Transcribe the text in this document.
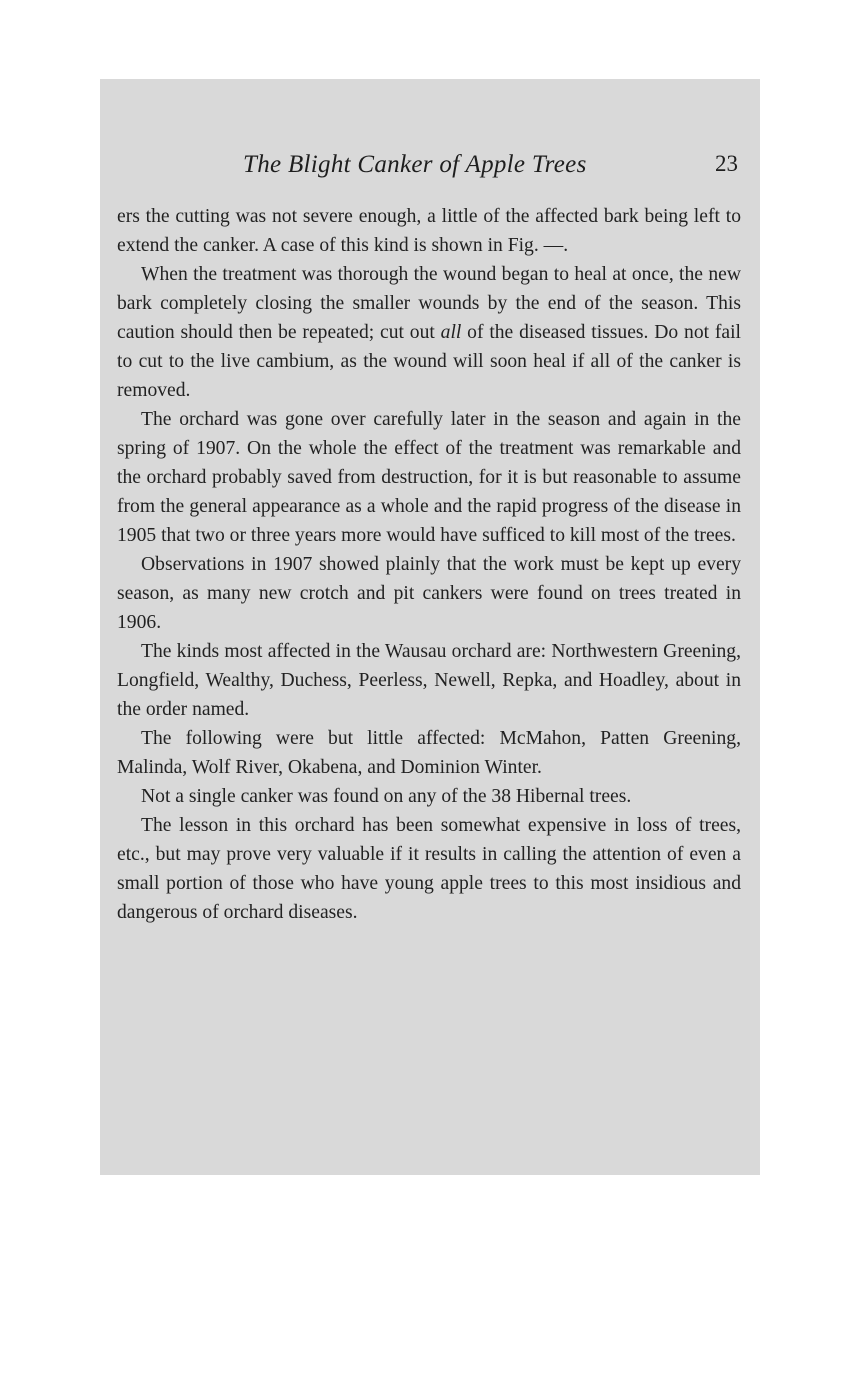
The Blight Canker of Apple Trees	23

ers the cutting was not severe enough, a little of the affected bark being left to extend the canker. A case of this kind is shown in Fig. —.

When the treatment was thorough the wound began to heal at once, the new bark completely closing the smaller wounds by the end of the season. This caution should then be repeated; cut out all of the diseased tissues. Do not fail to cut to the live cambium, as the wound will soon heal if all of the canker is removed.

The orchard was gone over carefully later in the season and again in the spring of 1907. On the whole the effect of the treatment was remarkable and the orchard probably saved from destruction, for it is but reasonable to assume from the general appearance as a whole and the rapid progress of the disease in 1905 that two or three years more would have sufficed to kill most of the trees.

Observations in 1907 showed plainly that the work must be kept up every season, as many new crotch and pit cankers were found on trees treated in 1906.

The kinds most affected in the Wausau orchard are: Northwestern Greening, Longfield, Wealthy, Duchess, Peerless, Newell, Repka, and Hoadley, about in the order named.

The following were but little affected: McMahon, Patten Greening, Malinda, Wolf River, Okabena, and Dominion Winter.

Not a single canker was found on any of the 38 Hibernal trees.

The lesson in this orchard has been somewhat expensive in loss of trees, etc., but may prove very valuable if it results in calling the attention of even a small portion of those who have young apple trees to this most insidious and dangerous of orchard diseases.
